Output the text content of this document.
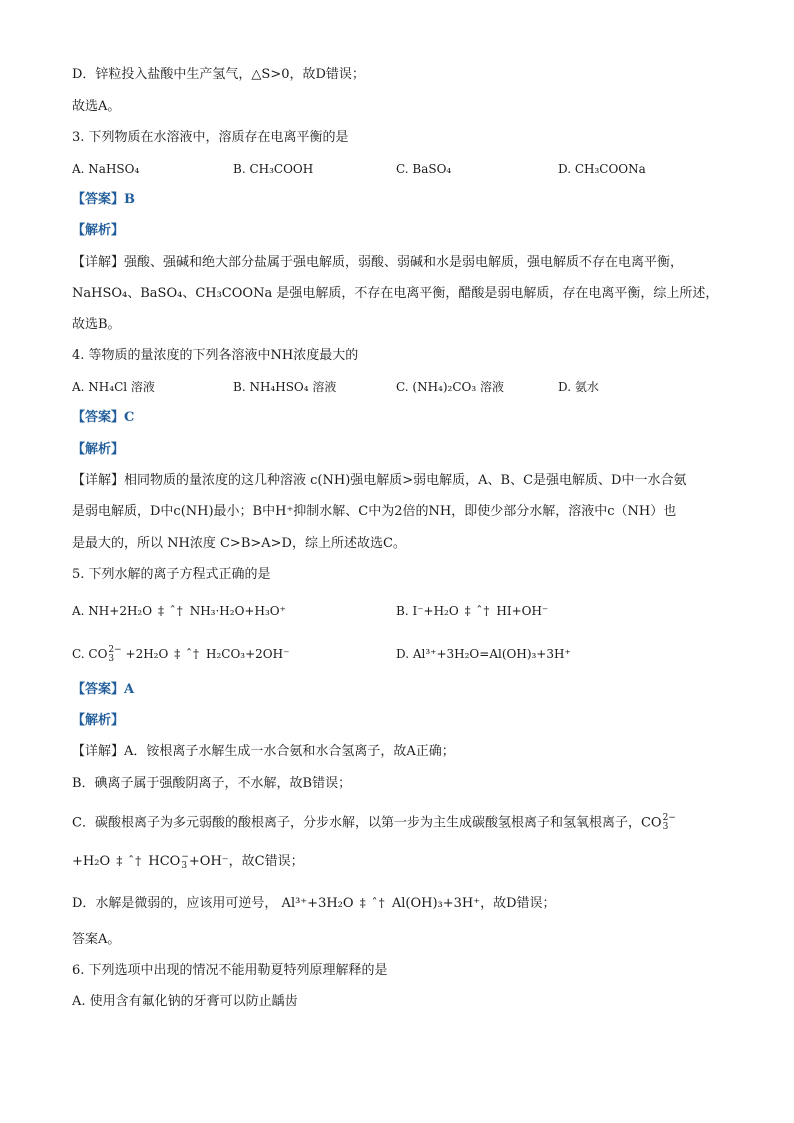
D．锌粒投入盐酸中生产氢气，△S>0，故D错误；
故选A。
3. 下列物质在水溶液中，溶质存在电离平衡的是
A. NaHSO₄	B. CH₃COOH	C. BaSO₄	D. CH₃COONa
【答案】B
【解析】
【详解】强酸、强碱和绝大部分盐属于强电解质，弱酸、弱碱和水是弱电解质，强电解质不存在电离平衡，
NaHSO₄、BaSO₄、CH₃COONa 是强电解质，不存在电离平衡，醋酸是弱电解质，存在电离平衡，综上所述，
故选B。
4. 等物质的量浓度的下列各溶液中NH浓度最大的
A. NH₄Cl 溶液	B. NH₄HSO₄ 溶液	C. (NH₄)₂CO₃ 溶液	D. 氨水
【答案】C
【解析】
【详解】相同物质的量浓度的这几种溶液 c(NH)强电解质>弱电解质，A、B、C是强电解质、D中一水合氨
是弱电解质，D中c(NH)最小；B中H⁺抑制水解、C中为2倍的NH，即使少部分水解，溶液中c（NH）也
是最大的，所以 NH浓度 C>B>A>D，综上所述故选C。
5. 下列水解的离子方程式正确的是
A. NH+2H₂O ‡ ˆ† NH₃·H₂O+H₃O⁺	B. I⁻+H₂O ‡ ˆ† HI+OH⁻
C. CO 2−
3 +2H₂O ‡ ˆ† H₂CO₃+2OH⁻	D. Al³⁺+3H₂O=Al(OH)₃+3H⁺
【答案】A
【解析】
【详解】A．铵根离子水解生成一水合氨和水合氢离子，故A正确；
B．碘离子属于强酸阴离子，不水解，故B错误；
C．碳酸根离子为多元弱酸的酸根离子，分步水解，以第一步为主生成碳酸氢根离子和氢氧根离子，CO 2−
3
+H₂O ‡ ˆ† HCO −
3 +OH⁻，故C错误；
D．水解是微弱的，应该用可逆号， Al³⁺+3H₂O ‡ ˆ† Al(OH)₃+3H⁺，故D错误；
答案A。
6. 下列选项中出现的情况不能用勒夏特列原理解释的是
A. 使用含有氟化钠的牙膏可以防止龋齿
